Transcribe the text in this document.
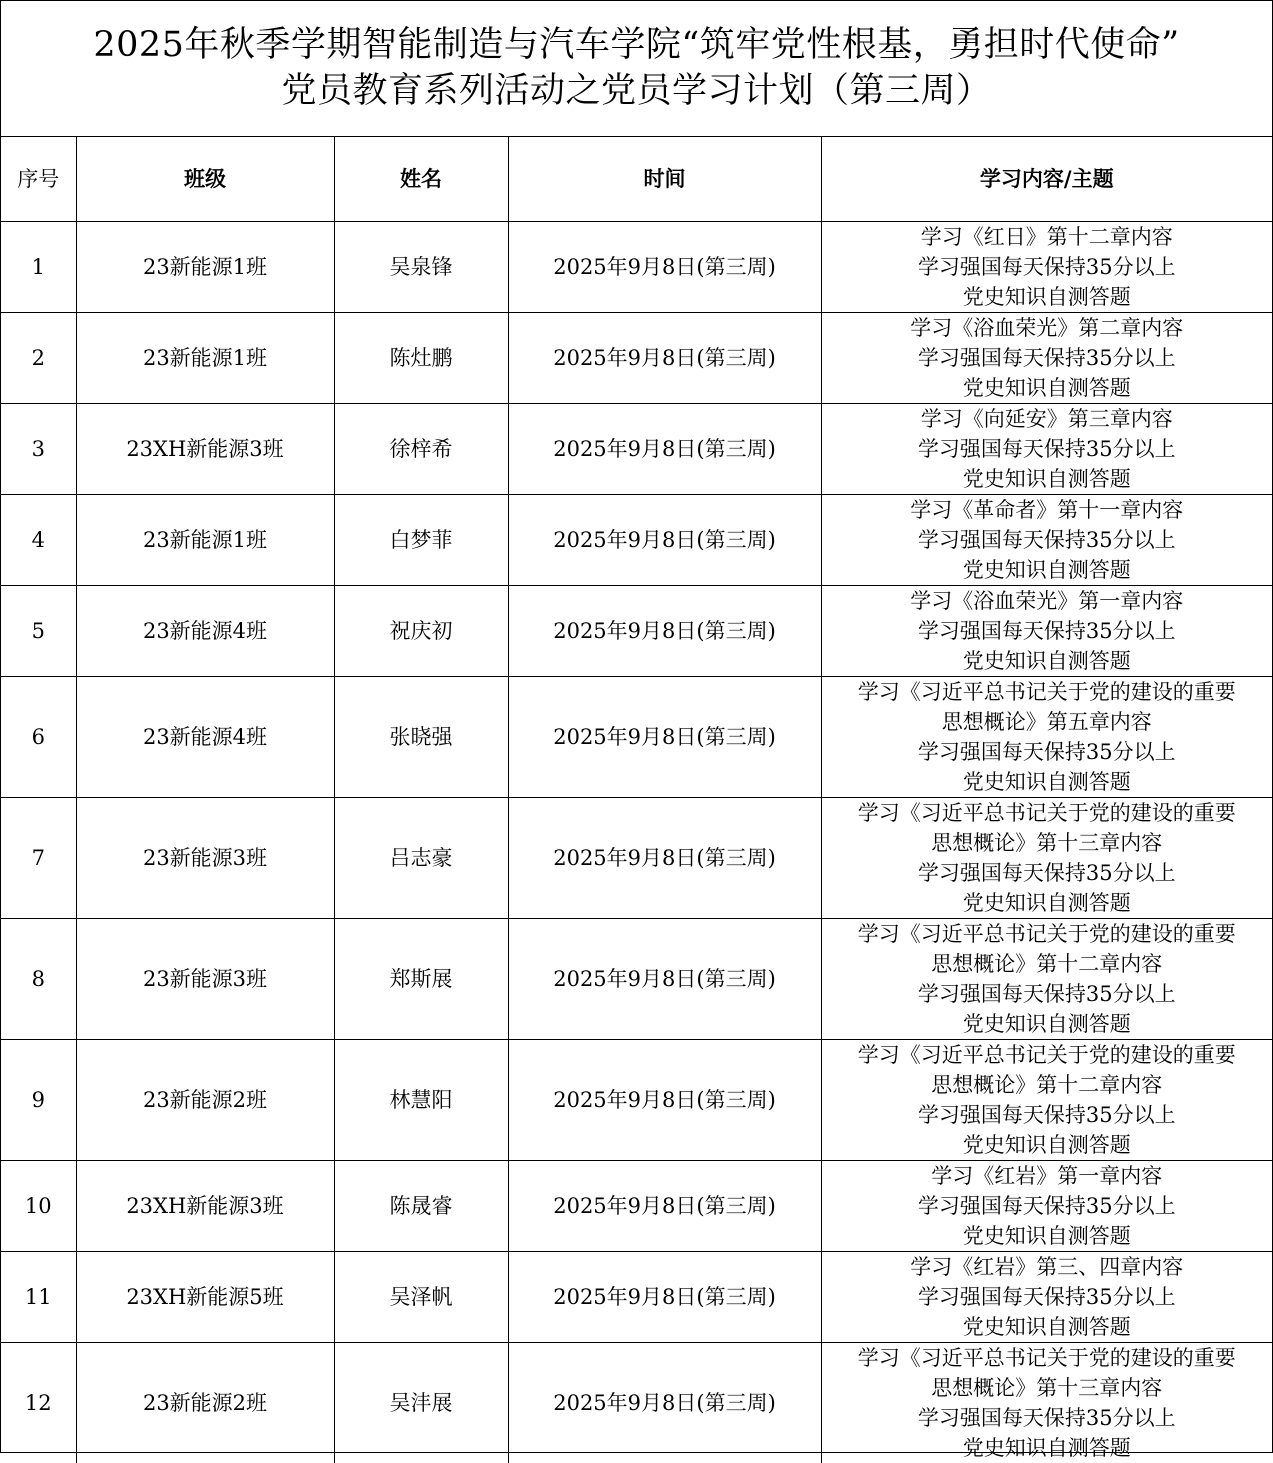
2025年秋季学期智能制造与汽车学院“筑牢党性根基，勇担时代使命”
党员教育系列活动之党员学习计划（第三周）
序号	班级	姓名	时间	学习内容/主题
1	23新能源1班	吴泉锋	2025年9月8日(第三周)	学习《红日》第十二章内容
学习强国每天保持35分以上
党史知识自测答题

2	23新能源1班	陈灶鹏	2025年9月8日(第三周)	学习《浴血荣光》第二章内容
学习强国每天保持35分以上
党史知识自测答题

3	23XH新能源3班	徐梓希	2025年9月8日(第三周)	学习《向延安》第三章内容
学习强国每天保持35分以上
党史知识自测答题

4	23新能源1班	白梦菲	2025年9月8日(第三周)	学习《革命者》第十一章内容
学习强国每天保持35分以上
党史知识自测答题

5	23新能源4班	祝庆初	2025年9月8日(第三周)	学习《浴血荣光》第一章内容
学习强国每天保持35分以上
党史知识自测答题

6	23新能源4班	张晓强	2025年9月8日(第三周)	学习《习近平总书记关于党的建设的重要
思想概论》第五章内容
学习强国每天保持35分以上
党史知识自测答题

7	23新能源3班	吕志豪	2025年9月8日(第三周)	学习《习近平总书记关于党的建设的重要
思想概论》第十三章内容
学习强国每天保持35分以上
党史知识自测答题

8	23新能源3班	郑斯展	2025年9月8日(第三周)	学习《习近平总书记关于党的建设的重要
思想概论》第十二章内容
学习强国每天保持35分以上
党史知识自测答题

9	23新能源2班	林慧阳	2025年9月8日(第三周)	学习《习近平总书记关于党的建设的重要
思想概论》第十二章内容
学习强国每天保持35分以上
党史知识自测答题

10	23XH新能源3班	陈晟睿	2025年9月8日(第三周)	学习《红岩》第一章内容
学习强国每天保持35分以上
党史知识自测答题

11	23XH新能源5班	吴泽帆	2025年9月8日(第三周)	学习《红岩》第三、四章内容
学习强国每天保持35分以上
党史知识自测答题

12	23新能源2班	吴沣展	2025年9月8日(第三周)	学习《习近平总书记关于党的建设的重要
思想概论》第十三章内容
学习强国每天保持35分以上
党史知识自测答题
